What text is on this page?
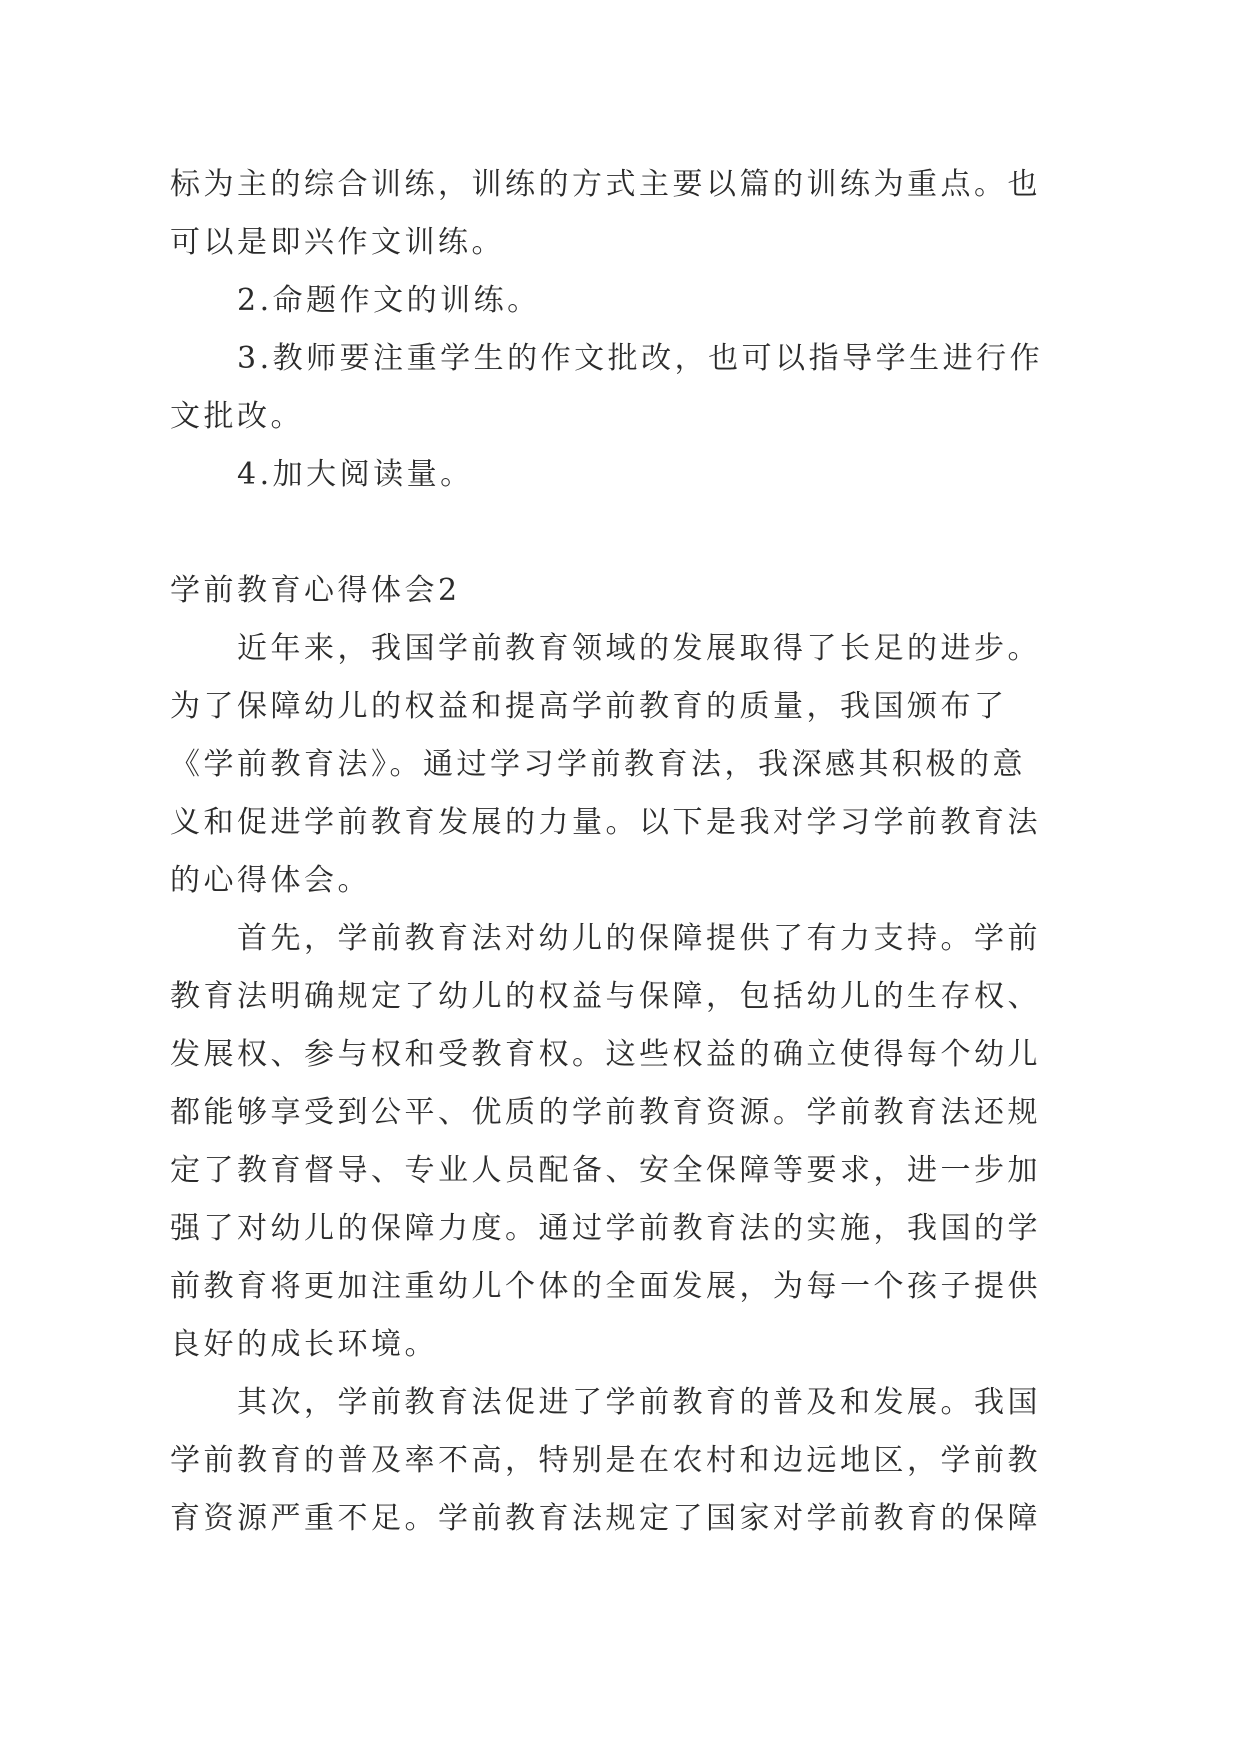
标为主的综合训练，训练的方式主要以篇的训练为重点。也
可以是即兴作文训练。
2.命题作文的训练。
3.教师要注重学生的作文批改，也可以指导学生进行作
文批改。
4.加大阅读量。
学前教育心得体会2
近年来，我国学前教育领域的发展取得了长足的进步。
为了保障幼儿的权益和提高学前教育的质量，我国颁布了
《学前教育法》。通过学习学前教育法，我深感其积极的意
义和促进学前教育发展的力量。以下是我对学习学前教育法
的心得体会。
首先，学前教育法对幼儿的保障提供了有力支持。学前
教育法明确规定了幼儿的权益与保障，包括幼儿的生存权、
发展权、参与权和受教育权。这些权益的确立使得每个幼儿
都能够享受到公平、优质的学前教育资源。学前教育法还规
定了教育督导、专业人员配备、安全保障等要求，进一步加
强了对幼儿的保障力度。通过学前教育法的实施，我国的学
前教育将更加注重幼儿个体的全面发展，为每一个孩子提供
良好的成长环境。
其次，学前教育法促进了学前教育的普及和发展。我国
学前教育的普及率不高，特别是在农村和边远地区，学前教
育资源严重不足。学前教育法规定了国家对学前教育的保障
